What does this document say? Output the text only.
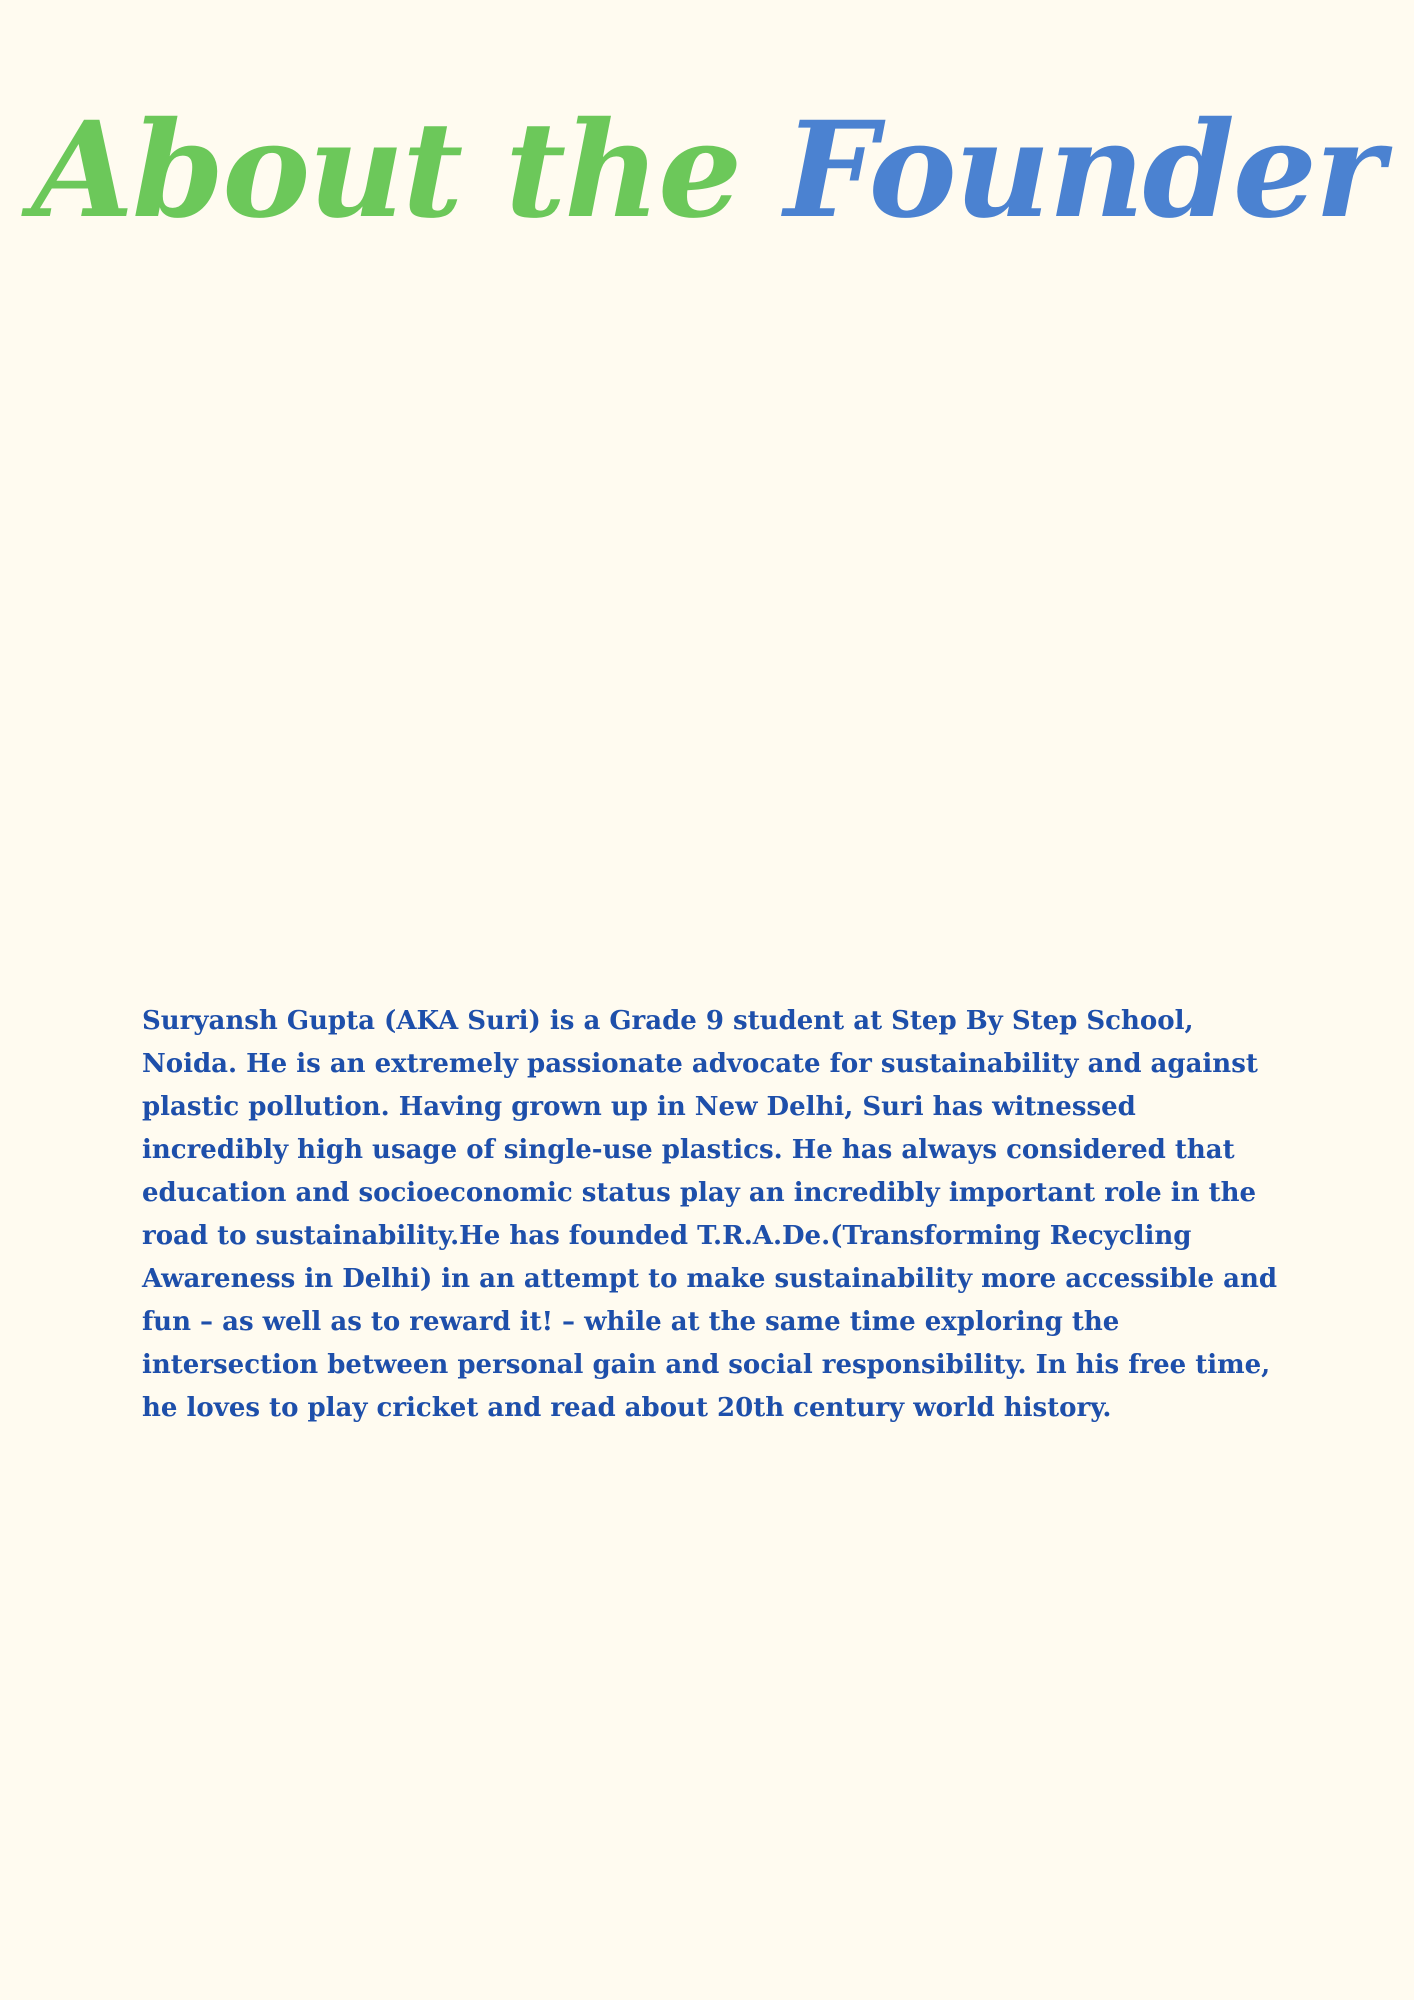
About the Founder

Suryansh Gupta (AKA Suri) is a Grade 9 student at Step By Step School, Noida. He is an extremely passionate advocate for sustainability and against plastic pollution. Having grown up in New Delhi, Suri has witnessed incredibly high usage of single-use plastics. He has always considered that education and socioeconomic status play an incredibly important role in the road to sustainability.He has founded T.R.A.De.(Transforming Recycling Awareness in Delhi) in an attempt to make sustainability more accessible and fun – as well as to reward it! – while at the same time exploring the intersection between personal gain and social responsibility. In his free time, he loves to play cricket and read about 20th century world history.
